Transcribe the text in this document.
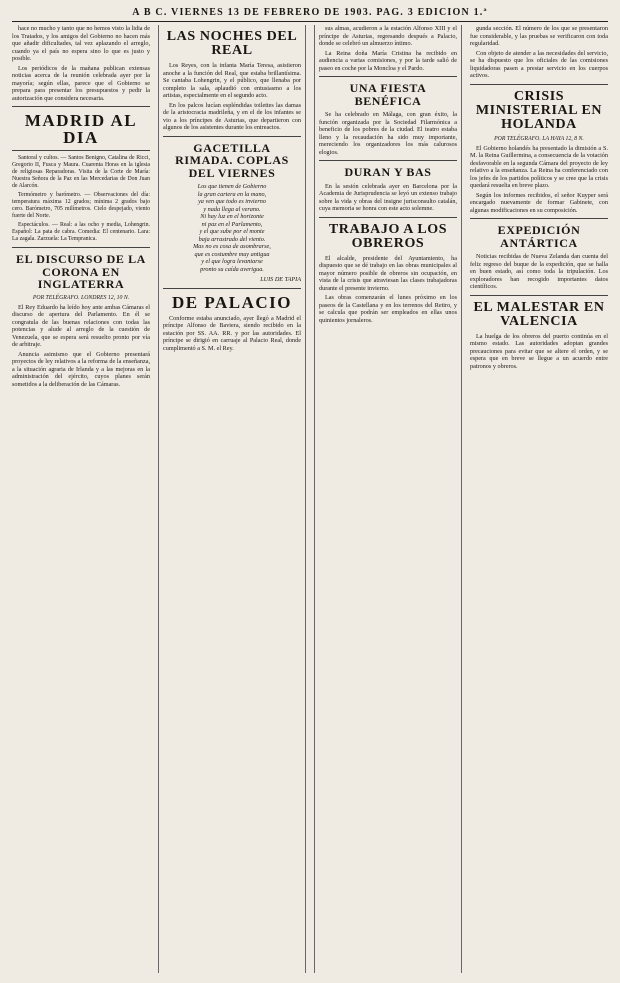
A B C. VIERNES 13 DE FEBRERO DE 1903. PAG. 3 EDICION 1.ª

hace no mucho y tanto que no hemos visto la lidia de los Tratados, y los amigos del Gobierno no hacen más que añadir dificultades, tal vez aplazando el arreglo, cuando ya el país no espera sino lo que es justo y posible.

Los periódicos de la mañana publican extensas noticias acerca de la reunión celebrada ayer por la mayoría; según ellas, parece que el Gobierno se prepara para presentar los presupuestos y pedir la autorización que considera necesaria.

MADRID AL DIA

Santoral y cultos. — Santos Benigno, Catalina de Ricci, Gregorio II, Fusca y Maura. Cuarenta Horas en la iglesia de religiosas Reparadoras. Visita de la Corte de María: Nuestra Señora de la Paz en las Mercedarias de Don Juan de Alarcón.

Termómetro y barómetro. — Observaciones del día: temperatura máxima 12 grados; mínima 2 grados bajo cero. Barómetro, 705 milímetros. Cielo despejado, viento fuerte del Norte.

Espectáculos. — Real: a las ocho y media, Lohengrin. Español: La pata de cabra. Comedia: El centenario. Lara: La zagala. Zarzuela: La Tempranica.

EL DISCURSO DE LA CORONA EN INGLATERRA
POR TELÉGRAFO. LONDRES 12, 10 N.

El Rey Eduardo ha leído hoy ante ambas Cámaras el discurso de apertura del Parlamento. En él se congratula de las buenas relaciones con todas las potencias y alude al arreglo de la cuestión de Venezuela, que se espera será resuelto pronto por vía de arbitraje.

Anuncia asimismo que el Gobierno presentará proyectos de ley relativos a la reforma de la enseñanza, a la situación agraria de Irlanda y a las mejoras en la administración del ejército, cuyos planes serán sometidos a la deliberación de las Cámaras.

LAS NOCHES DEL REAL

Los Reyes, con la infanta María Teresa, asistieron anoche a la función del Real, que estaba brillantísima. Se cantaba Lohengrin, y el público, que llenaba por completo la sala, aplaudió con entusiasmo a los artistas, especialmente en el segundo acto.

En los palcos lucían espléndidas toilettes las damas de la aristocracia madrileña, y en el de los infantes se vio a los príncipes de Asturias, que departieron con algunos de los asistentes durante los entreactos.

GACETILLA RIMADA. COPLAS DEL VIERNES
Los que tienen de Gobierno
la gran cartera en la mano,
ya ven que todo es invierno
y nada llega al verano.
Ni hay luz en el horizonte
ni paz en el Parlamento,
y el que sube por el monte
baja arrastrado del viento.
Mas no es cosa de asombrarse,
que es costumbre muy antigua
y el que logra levantarse
pronto su caída averigua.
LUIS DE TAPIA
DE PALACIO

Conforme estaba anunciado, ayer llegó a Madrid el príncipe Alfonso de Baviera, siendo recibido en la estación por SS. AA. RR. y por las autoridades. El príncipe se dirigió en carruaje al Palacio Real, donde cumplimentó a S. M. el Rey.

sus almas, acudieron a la estación Alfonso XIII y el príncipe de Asturias, regresando después a Palacio, donde se celebró un almuerzo íntimo.

La Reina doña María Cristina ha recibido en audiencia a varias comisiones, y por la tarde salió de paseo en coche por la Moncloa y el Pardo.

UNA FIESTA BENÉFICA

Se ha celebrado en Málaga, con gran éxito, la función organizada por la Sociedad Filarmónica a beneficio de los pobres de la ciudad. El teatro estaba lleno y la recaudación ha sido muy importante, mereciendo los organizadores los más calurosos elogios.

DURAN Y BAS

En la sesión celebrada ayer en Barcelona por la Academia de Jurisprudencia se leyó un extenso trabajo sobre la vida y obras del insigne jurisconsulto catalán, cuya memoria se honra con este acto solemne.

TRABAJO A LOS OBREROS

El alcalde, presidente del Ayuntamiento, ha dispuesto que se dé trabajo en las obras municipales al mayor número posible de obreros sin ocupación, en vista de la crisis que atraviesan las clases trabajadoras durante el presente invierno.

Las obras comenzarán el lunes próximo en los paseos de la Castellana y en los terrenos del Retiro, y se calcula que podrán ser empleados en ellas unos quinientos jornaleros.

gunda sección. El número de los que se presentaron fue considerable, y las pruebas se verificaron con toda regularidad.

Con objeto de atender a las necesidades del servicio, se ha dispuesto que los oficiales de las comisiones liquidadoras pasen a prestar servicio en los cuerpos activos.

CRISIS MINISTERIAL EN HOLANDA
POR TELÉGRAFO. LA HAYA 12, 8 N.

El Gobierno holandés ha presentado la dimisión a S. M. la Reina Guillermina, a consecuencia de la votación desfavorable en la segunda Cámara del proyecto de ley relativo a la enseñanza. La Reina ha conferenciado con los jefes de los partidos políticos y se cree que la crisis quedará resuelta en breve plazo.

Según los informes recibidos, el señor Kuyper será encargado nuevamente de formar Gabinete, con algunas modificaciones en su composición.

EXPEDICIÓN ANTÁRTICA

Noticias recibidas de Nueva Zelanda dan cuenta del feliz regreso del buque de la expedición, que se halla en buen estado, así como toda la tripulación. Los exploradores han recogido importantes datos científicos.

EL MALESTAR EN VALENCIA

La huelga de los obreros del puerto continúa en el mismo estado. Las autoridades adoptan grandes precauciones para evitar que se altere el orden, y se espera que en breve se llegue a un acuerdo entre patronos y obreros.
